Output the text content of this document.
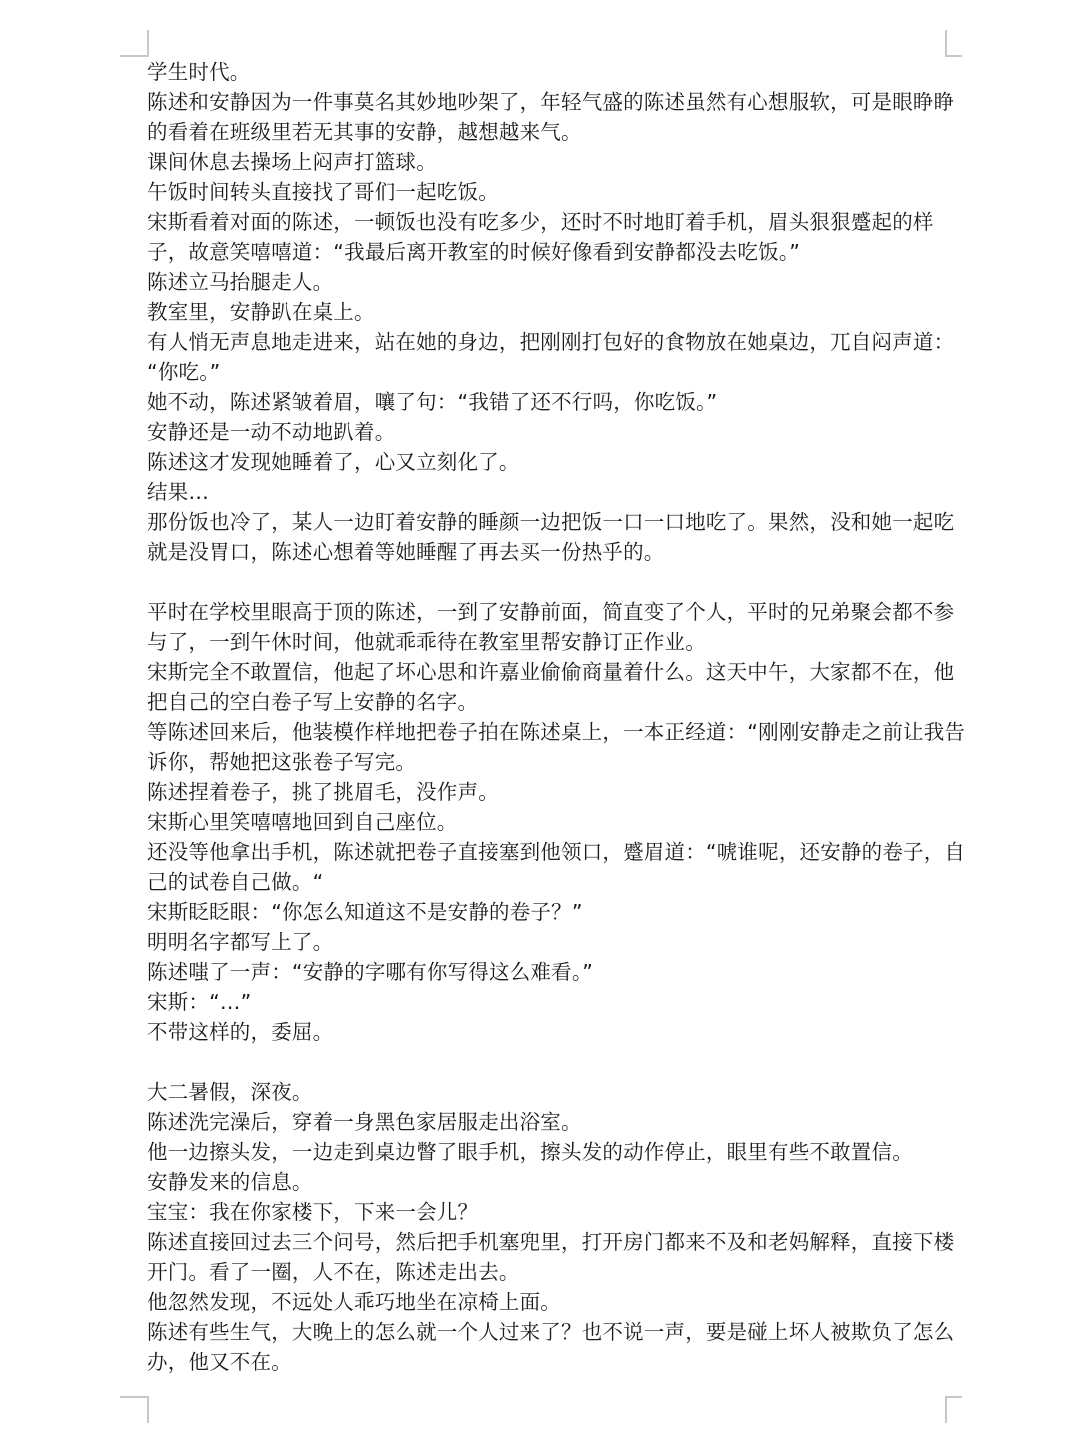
学生时代。
陈述和安静因为一件事莫名其妙地吵架了，年轻气盛的陈述虽然有心想服软，可是眼睁睁
的看着在班级里若无其事的安静，越想越来气。
课间休息去操场上闷声打篮球。
午饭时间转头直接找了哥们一起吃饭。
宋斯看着对面的陈述，一顿饭也没有吃多少，还时不时地盯着手机，眉头狠狠蹙起的样
子，故意笑嘻嘻道：“我最后离开教室的时候好像看到安静都没去吃饭。”
陈述立马抬腿走人。
教室里，安静趴在桌上。
有人悄无声息地走进来，站在她的身边，把刚刚打包好的食物放在她桌边，兀自闷声道：
“你吃。”
她不动，陈述紧皱着眉，嚷了句：“我错了还不行吗，你吃饭。”
安静还是一动不动地趴着。
陈述这才发现她睡着了，心又立刻化了。
结果…
那份饭也冷了，某人一边盯着安静的睡颜一边把饭一口一口地吃了。果然，没和她一起吃
就是没胃口，陈述心想着等她睡醒了再去买一份热乎的。
平时在学校里眼高于顶的陈述，一到了安静前面，简直变了个人，平时的兄弟聚会都不参
与了，一到午休时间，他就乖乖待在教室里帮安静订正作业。
宋斯完全不敢置信，他起了坏心思和许嘉业偷偷商量着什么。这天中午，大家都不在，他
把自己的空白卷子写上安静的名字。
等陈述回来后，他装模作样地把卷子拍在陈述桌上，一本正经道：“刚刚安静走之前让我告
诉你，帮她把这张卷子写完。
陈述捏着卷子，挑了挑眉毛，没作声。
宋斯心里笑嘻嘻地回到自己座位。
还没等他拿出手机，陈述就把卷子直接塞到他领口，蹙眉道：“唬谁呢，还安静的卷子，自
己的试卷自己做。“
宋斯眨眨眼：“你怎么知道这不是安静的卷子？”
明明名字都写上了。
陈述嗤了一声：“安静的字哪有你写得这么难看。”
宋斯：“…”
不带这样的，委屈。
大二暑假，深夜。
陈述洗完澡后，穿着一身黑色家居服走出浴室。
他一边擦头发，一边走到桌边瞥了眼手机，擦头发的动作停止，眼里有些不敢置信。
安静发来的信息。
宝宝：我在你家楼下，下来一会儿？
陈述直接回过去三个问号，然后把手机塞兜里，打开房门都来不及和老妈解释，直接下楼
开门。看了一圈，人不在，陈述走出去。
他忽然发现，不远处人乖巧地坐在凉椅上面。
陈述有些生气，大晚上的怎么就一个人过来了？也不说一声，要是碰上坏人被欺负了怎么
办，他又不在。
